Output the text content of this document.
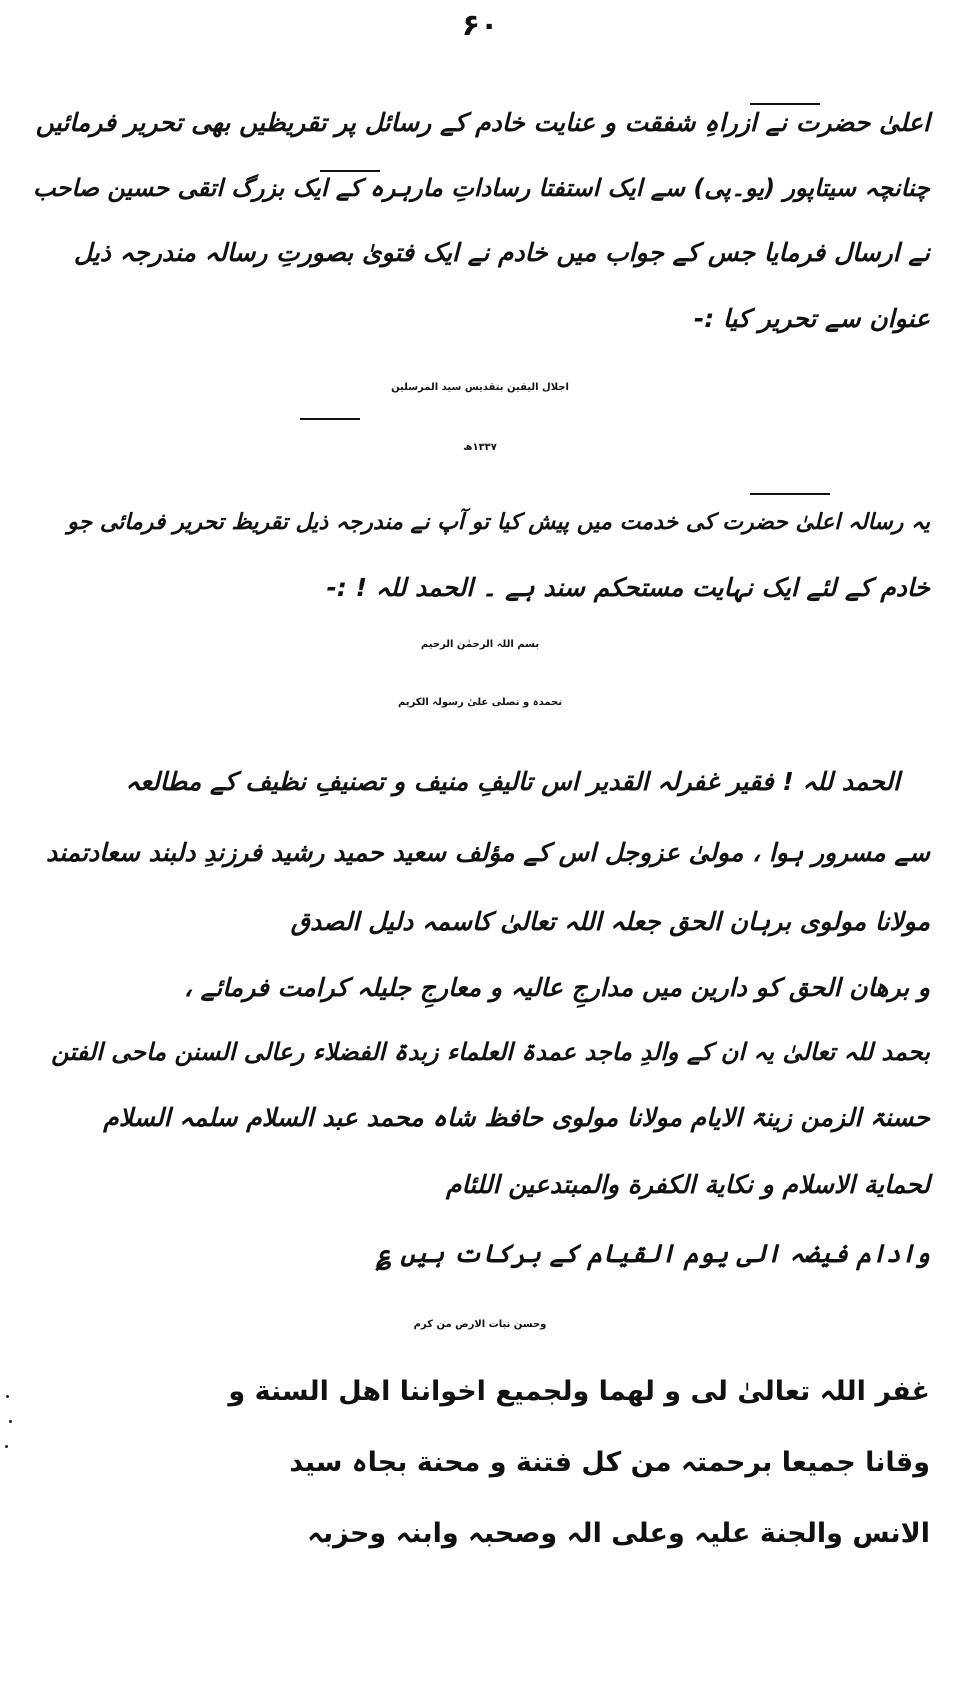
۶۰
اعلیٰ حضرت نے ازراہِ شفقت و عنایت خادم کے رسائل پر تقریظیں بھی تحریر فرمائیں
چنانچہ سیتاپور (یو۔پی) سے ایک استفتا رساداتِ مارہرہ کے ایک بزرگ اتقی حسین صاحب
نے ارسال فرمایا جس کے جواب میں خادم نے ایک فتویٰ بصورتِ رسالہ مندرجہ ذیل
عنوان سے تحریر کیا :-
اجلال الیقین بتقدیس سید المرسلین
۱۳۳۷ھ
یہ رسالہ اعلیٰ حضرت کی خدمت میں پیش کیا تو آپ نے مندرجہ ذیل تقریظ تحریر فرمائی جو
خادم کے لئے ایک نہایت مستحکم سند ہے ۔ الحمد للہ ! :-
بسم اللہ الرحمٰن الرحیم
نحمدہ و نصلی علیٰ رسولہ الکریم
الحمد للہ ! فقیر غفرلہ القدیر اس تالیفِ منیف و تصنیفِ نظیف کے مطالعہ
سے مسرور ہوا ، مولیٰ عزوجل اس کے مؤلف سعید حمید رشید فرزندِ دلبند سعادتمند
مولانا مولوی برہان الحق جعلہ اللہ تعالیٰ کاسمہ دلیل الصدق
و برهان الحق کو دارین میں مدارجِ عالیہ و معارجِ جلیلہ کرامت فرمائے ،
بحمد للہ تعالیٰ یہ ان کے والدِ ماجد عمدۃ العلماء زبدۃ الفضلاء رعالی السنن ماحی الفتن
حسنۃ الزمن زینۃ الایام مولانا مولوی حافظ شاہ محمد عبد السلام سلمہ السلام
لحمایة الاسلام و نکایة الکفرة والمبتدعین اللئام
وادام فیضہ الی یوم القیام کے برکات ہیں ؏
وحسن نبات الارض من کرم
غفر اللہ تعالیٰ لی و لهما ولجمیع اخواننا اهل السنة و
وقانا جمیعا برحمتہ من کل فتنة و محنة بجاہ سید
الانس والجنة علیہ وعلی الہ وصحبہ وابنہ وحزبہ
